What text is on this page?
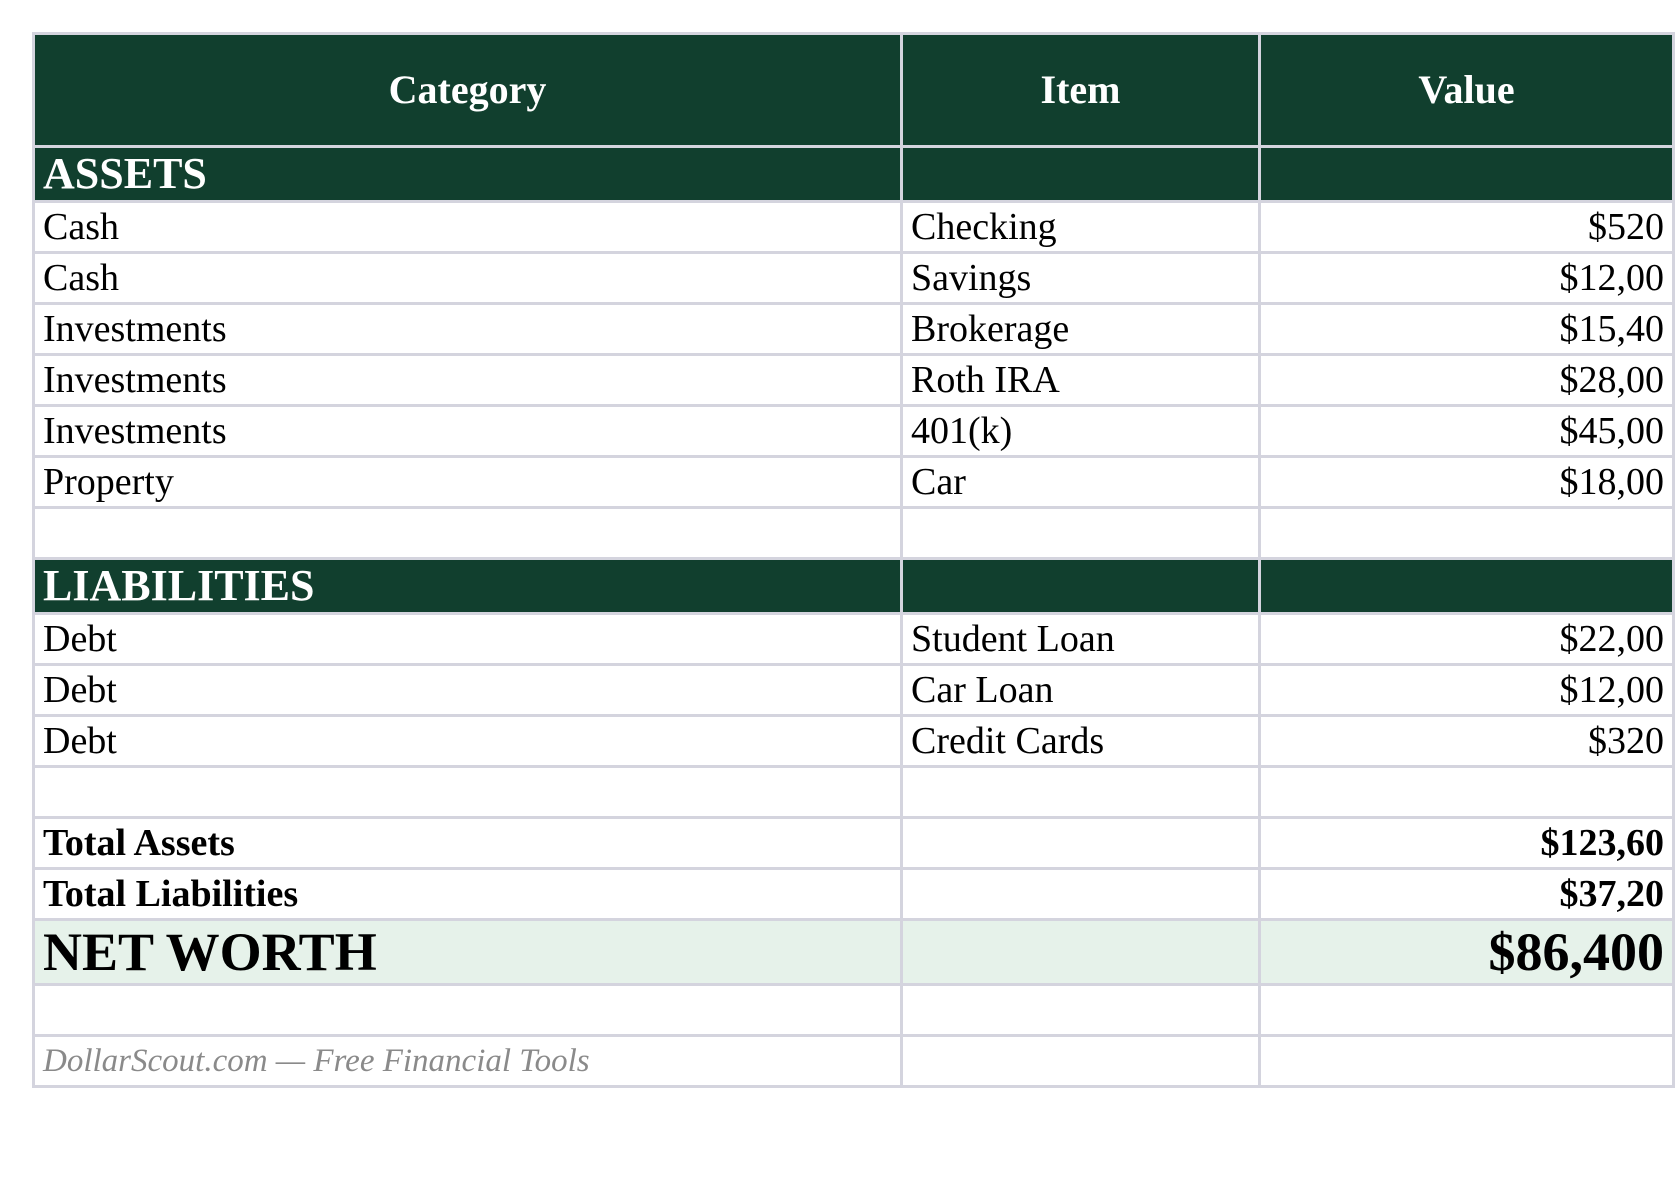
Category	Item	Value
ASSETS		
Cash	Checking	$520
Cash	Savings	$12,00
Investments	Brokerage	$15,40
Investments	Roth IRA	$28,00
Investments	401(k)	$45,00
Property	Car	$18,00

LIABILITIES		
Debt	Student Loan	$22,00
Debt	Car Loan	$12,00
Debt	Credit Cards	$320

Total Assets		$123,60
Total Liabilities		$37,20
NET WORTH		$86,400

DollarScout.com — Free Financial Tools		
